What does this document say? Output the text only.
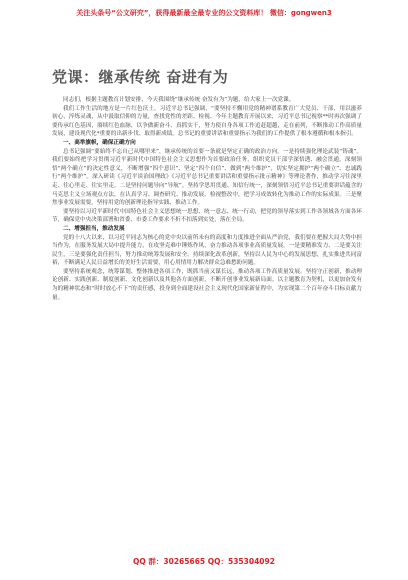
关注头条号“公文研究”，获得最新最全最专业的公文资料库！ 微信：gongwen3
党课：继承传统 奋进有为

同志们，根据主题教育计划安排，今天我围绕“继承传统 奋发有为”为题，给大家上一次党课。

我们工作生活的地方是一片红色沃土。习近平总书记强调，“要坚持不懈用党的精神谱系教育广大党员、干部，用以滋养初心、淬炼灵魂，从中汲取信仰的力量，查找党性的差距、检视、今年主题教育开展以来，习近平总书记视察**时再次强调了要传承红色基因，赓续红色血脉，以争做新奋斗、真抓实干，努力使自身各项工作追赶超越，走在前列，不断推动工作高质量发展，建设现代化*重要的出新步伐、取得新成绩。总书记的重要讲话和重要指示为我们的工作提供了根本遵循和根本指引。

一、高举旗帜，确保正确方向

总书记强调“要始终不忘自己从哪里来”，继承传统的首要一条就是坚定正确的政治方向。一是持续强化理论武装“铸魂”。我们要始终把学习贯彻习近平新时代中国特色社会主义思想作为首要政治任务，组织党员干部学深悟透、融会贯通，深刻领悟“两个确立”的决定性意义，不断增强“四个意识”、坚定“四个自信”、做到“两个维护”，切实坚定拥护“两个确立”、忠诚践行“两个维护”。深入研读《习近平谈治国理政》《习近平总书记重要讲话和重要指示批示精神》等理论著作，推动学习往深里走、往心里走、往实里走。二是坚持问题导向“导航”。坚持学思用贯通、知信行统一，深刻领悟习近平总书记重要讲话蕴含的马克思主义立场观点方法，在认真学习、调查研究、推动发展、检视整改中，把学习成效转化为推动工作的实际成果。三是聚焦事业发展需要，坚持用党的创新理论指导实践、推动工作。

要坚持以习近平新时代中国特色社会主义思想统一思想、统一意志、统一行动，把党的领导落实到工作各领域各方面各环节，确保党中央决策部署和省委、市委工作要求不折不扣落到实处，落在全局。

二、增强担当，推动发展

党的十八大以来，以习近平同志为核心的党中央以前所未有的高度和力度推进全面从严治党，我们要在把握大局大势中担当作为，在服务发展大局中提升能力，在攻坚克难中锤炼作风，奋力推动各项事业高质量发展。一是要精准发力、二是要关注民生，三是要强化责任担当，努力推动统筹发展和安全。持续深化改革创新，坚持以人民为中心的发展思想，扎实推进共同富裕，不断满足人民日益增长的美好生活需要，用心用情用力解决群众急难愁盼问题。

要坚持系统观念，统筹谋划、整体推进各项工作，既抓当前又谋长远，推动各项工作高质量发展。坚持守正创新，推动理论创新、实践创新、制度创新、文化创新以及其他各方面创新，不断开创事业发展新局面。以主题教育为契机，以更加奋发有为的精神状态和“时时放心不下”的责任感，投身到全面建设社会主义现代化国家新征程中，为实现第二个百年奋斗目标贡献力量。

QQ 群：30265665 QQ：535304092
